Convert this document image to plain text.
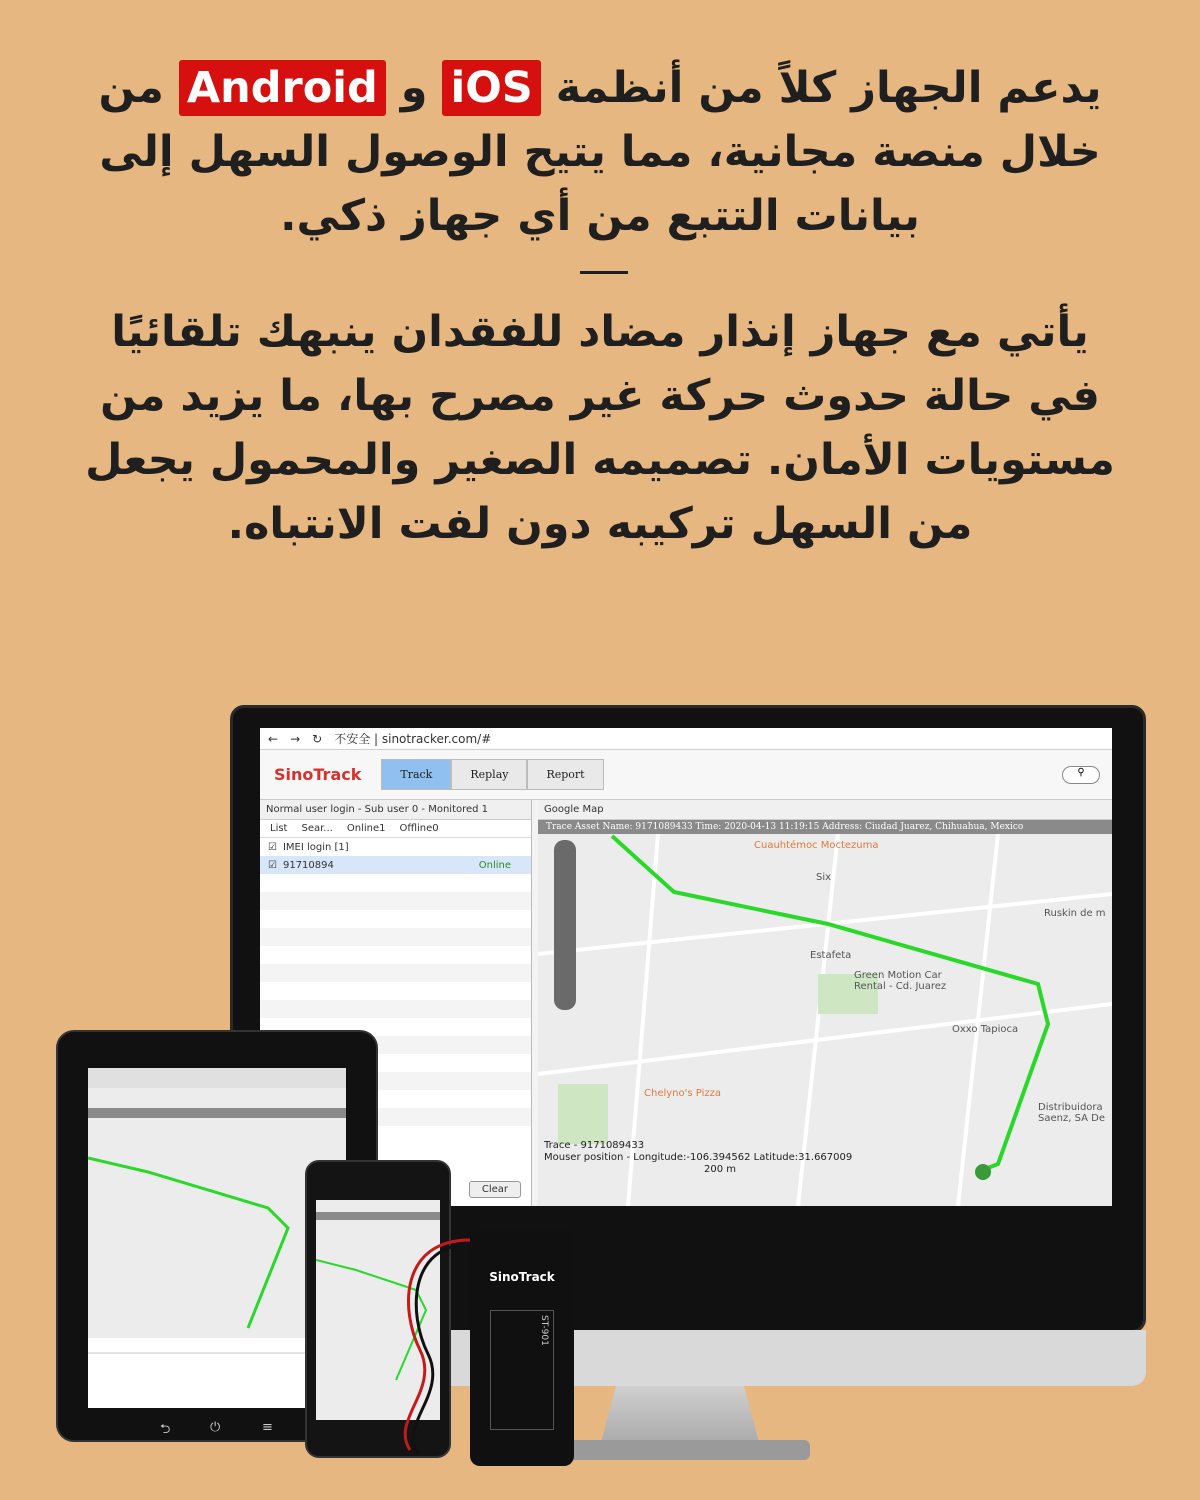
يدعم الجهاز كلاً من أنظمة iOS و Android من خلال منصة مجانية، مما يتيح الوصول السهل إلى بيانات التتبع من أي جهاز ذكي.
يأتي مع جهاز إنذار مضاد للفقدان ينبهك تلقائيًا في حالة حدوث حركة غير مصرح بها، ما يزيد من مستويات الأمان. تصميمه الصغير والمحمول يجعل من السهل تركيبه دون لفت الانتباه.
← → ↻ 不安全 | sinotracker.com/#
SinoTrack	Track	Replay	Report	⚲
Normal user login - Sub user 0 - Monitored 1
List Sear... Online1 Offline0
☑ IMEI login [1]
☑ 91710894	Online
Clear
Google Map
Trace Asset Name: 9171089433 Time: 2020-04-13 11:19:15 Address: Ciudad Juarez, Chihuahua, Mexico
Cuauhtémoc Moctezuma
Six
Ruskin de m
Estafeta
Green Motion Car Rental - Cd. Juarez
Oxxo Tapioca
Chelyno's Pizza
Distribuidora Saenz, SA De
Trace - 9171089433
Mouser position - Longitude:-106.394562 Latitude:31.667009
200 m
⮌	⏻	≡
SinoTrack
ST-901
